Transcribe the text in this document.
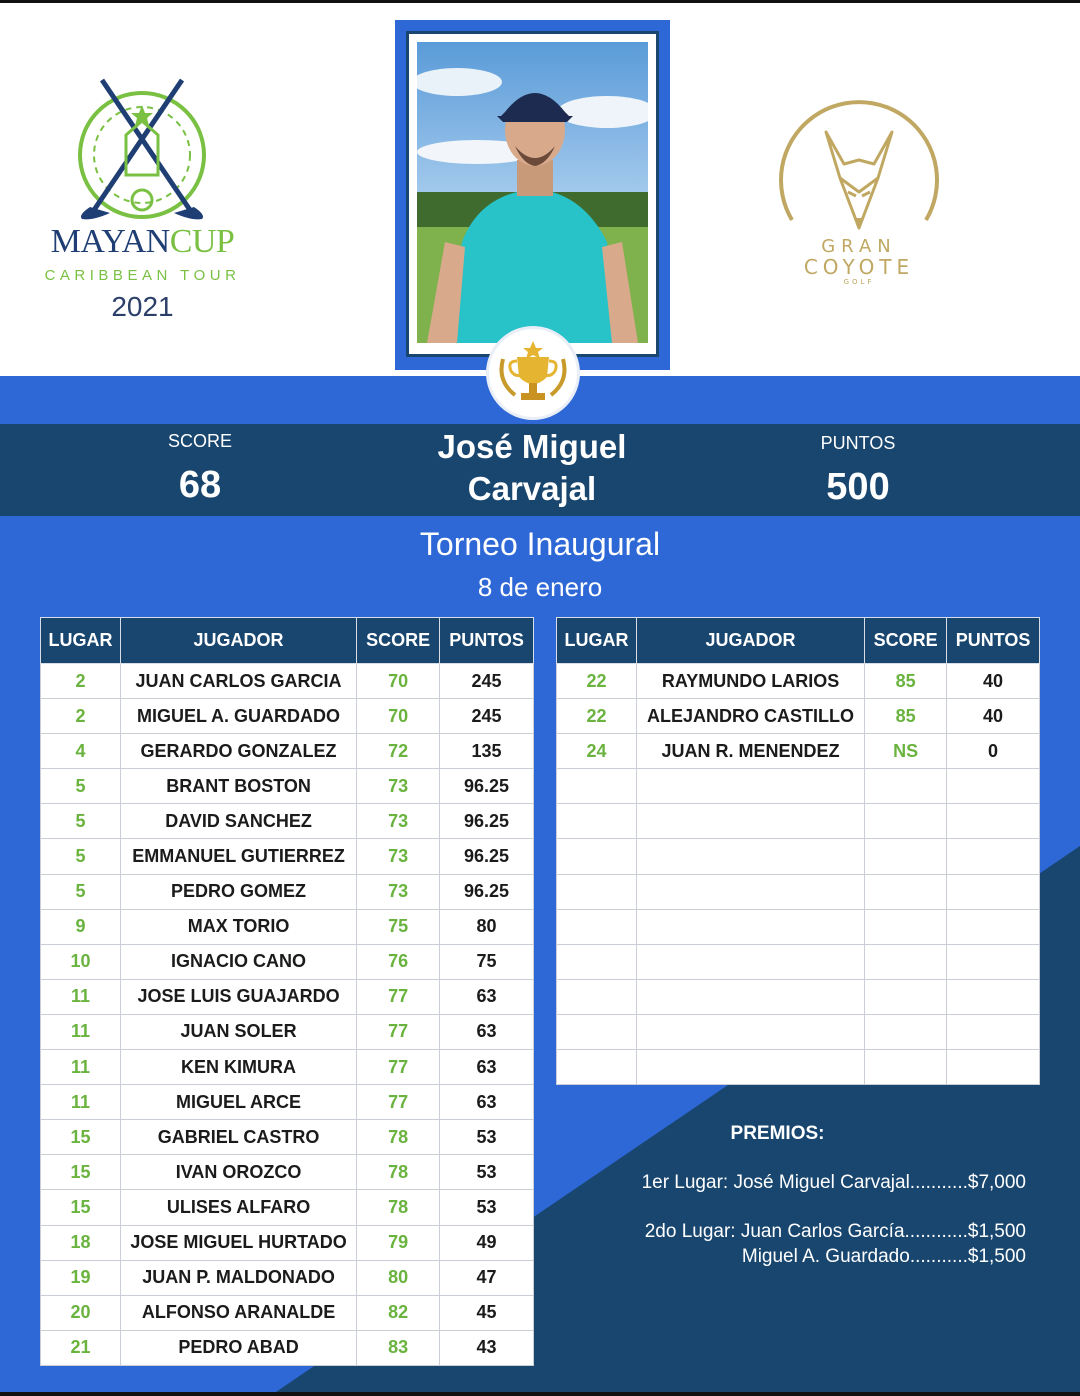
MAYANCUP
CARIBBEAN TOUR
2021
GRAN
COYOTE
GOLF
SCORE
68
José Miguel
Carvajal
PUNTOS
500
Torneo Inaugural
8 de enero
LUGAR	JUGADOR	SCORE	PUNTOS
2	JUAN CARLOS GARCIA	70	245
2	MIGUEL A. GUARDADO	70	245
4	GERARDO GONZALEZ	72	135
5	BRANT BOSTON	73	96.25
5	DAVID SANCHEZ	73	96.25
5	EMMANUEL GUTIERREZ	73	96.25
5	PEDRO GOMEZ	73	96.25
9	MAX TORIO	75	80
10	IGNACIO CANO	76	75
11	JOSE LUIS GUAJARDO	77	63
11	JUAN SOLER	77	63
11	KEN KIMURA	77	63
11	MIGUEL ARCE	77	63
15	GABRIEL CASTRO	78	53
15	IVAN OROZCO	78	53
15	ULISES ALFARO	78	53
18	JOSE MIGUEL HURTADO	79	49
19	JUAN P. MALDONADO	80	47
20	ALFONSO ARANALDE	82	45
21	PEDRO ABAD	83	43
LUGAR	JUGADOR	SCORE	PUNTOS
22	RAYMUNDO LARIOS	85	40
22	ALEJANDRO CASTILLO	85	40
24	JUAN R. MENENDEZ	NS	0

PREMIOS:
1er Lugar: José Miguel Carvajal...........$7,000
2do Lugar: Juan Carlos García............$1,500
Miguel A. Guardado...........$1,500
